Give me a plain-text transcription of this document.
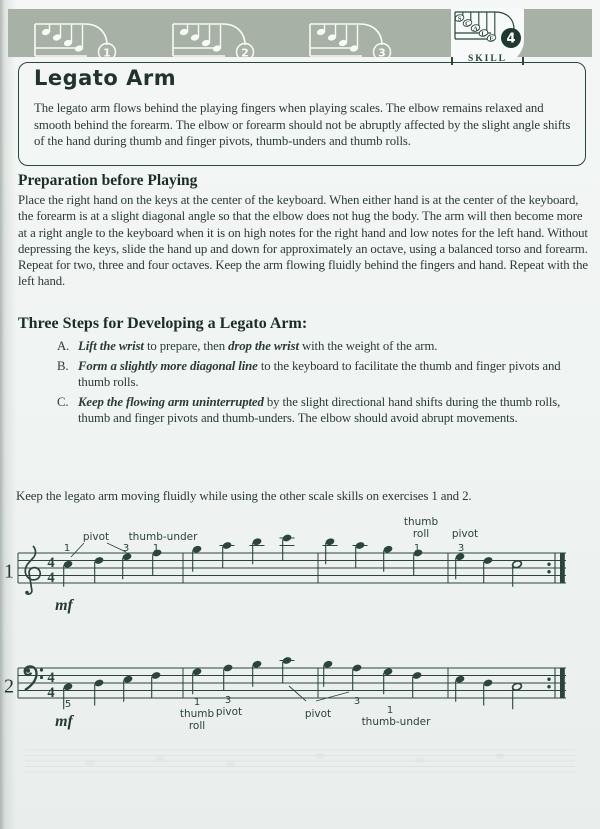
1	2	3	SKILL
S
C
A
L
E 4
Legato Arm
The legato arm flows behind the playing fingers when playing scales. The elbow remains relaxed and smooth behind the forearm. The elbow or forearm should not be abruptly affected by the slight angle shifts of the hand during thumb and finger pivots, thumb-unders and thumb rolls.
Preparation before Playing
Place the right hand on the keys at the center of the keyboard. When either hand is at the center of the keyboard, the forearm is at a slight diagonal angle so that the elbow does not hug the body. The arm will then become more at a right angle to the keyboard when it is on high notes for the right hand and low notes for the left hand. Without depressing the keys, slide the hand up and down for approximately an octave, using a balanced torso and forearm. Repeat for two, three and four octaves. Keep the arm flowing fluidly behind the fingers and hand. Repeat with the left hand.
Three Steps for Developing a Legato Arm:
A. Lift the wrist to prepare, then drop the wrist with the weight of the arm.
B. Form a slightly more diagonal line to the keyboard to facilitate the thumb and finger pivots and thumb rolls.
C. Keep the flowing arm uninterrupted by the slight directional hand shifts during the thumb rolls, thumb and finger pivots and thumb-unders. The elbow should avoid abrupt movements.
Keep the legato arm moving fluidly while using the other scale skills on exercises 1 and 2.
1 4
4
1
pivot
3
thumb-under
1
thumb
roll
1
pivot
3
mf
2 4
4
5
mf
1
thumb
roll
3
pivot	pivot
3
1
thumb-under
